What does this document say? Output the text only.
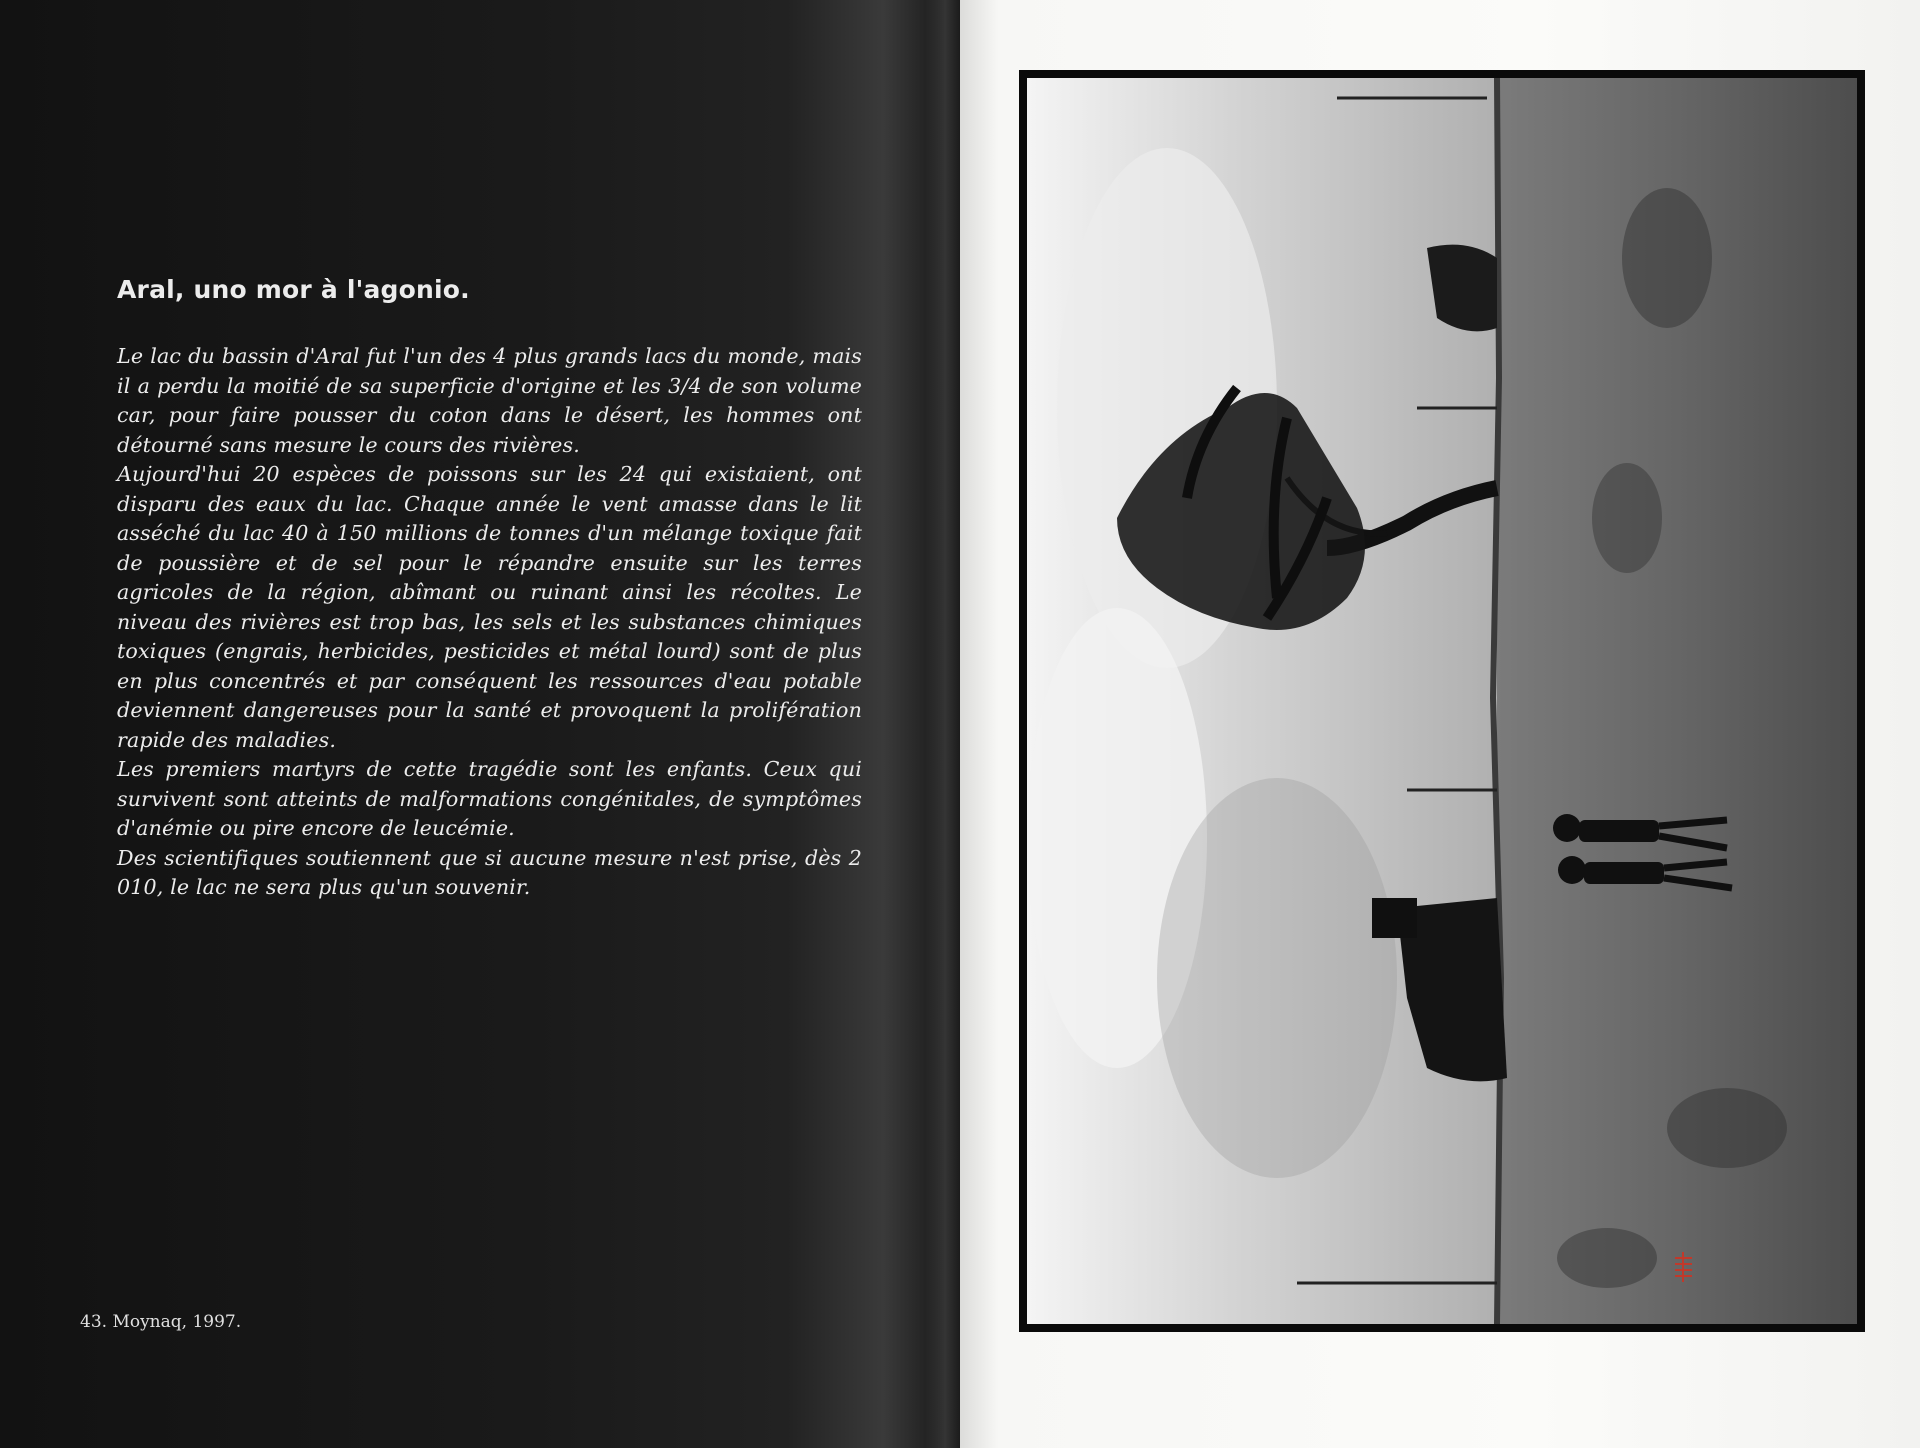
Aral, uno mor à l'agonio.

Le lac du bassin d'Aral fut l'un des 4 plus grands lacs du monde, mais il a perdu la moitié de sa superficie d'origine et les 3/4 de son volume car, pour faire pousser du coton dans le désert, les hommes ont détourné sans mesure le cours des rivières.

Aujourd'hui 20 espèces de poissons sur les 24 qui existaient, ont disparu des eaux du lac. Chaque année le vent amasse dans le lit asséché du lac 40 à 150 millions de tonnes d'un mélange toxique fait de poussière et de sel pour le répandre ensuite sur les terres agricoles de la région, abîmant ou ruinant ainsi les récoltes. Le niveau des rivières est trop bas, les sels et les substances chimiques toxiques (engrais, herbicides, pesticides et métal lourd) sont de plus en plus concentrés et par conséquent les ressources d'eau potable deviennent dangereuses pour la santé et provoquent la prolifération rapide des maladies.

Les premiers martyrs de cette tragédie sont les enfants. Ceux qui survivent sont atteints de malformations congénitales, de symptômes d'anémie ou pire encore de leucémie.

Des scientifiques soutiennent que si aucune mesure n'est prise, dès 2 010, le lac ne sera plus qu'un souvenir.

43. Moynaq, 1997.
